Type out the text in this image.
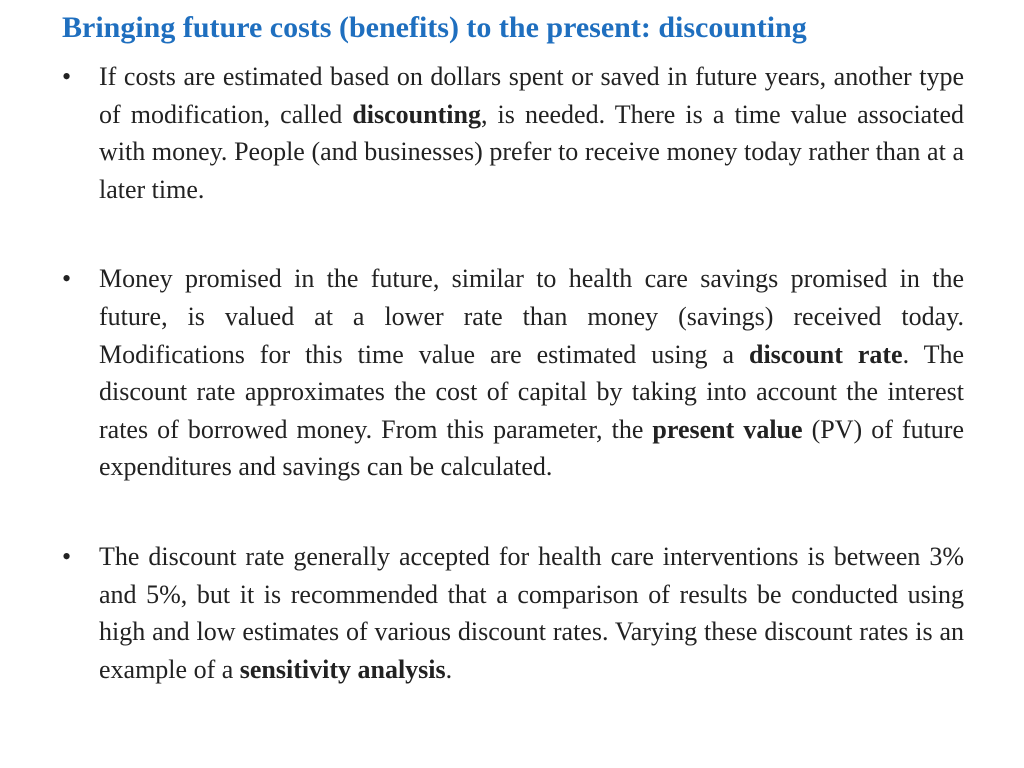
Bringing future costs (benefits) to the present: discounting
• If costs are estimated based on dollars spent or saved in future years, another type of modification, called discounting, is needed. There is a time value associated with money. People (and businesses) prefer to receive money today rather than at a later time.
• Money promised in the future, similar to health care savings promised in the future, is valued at a lower rate than money (savings) received today. Modifications for this time value are estimated using a discount rate. The discount rate approximates the cost of capital by taking into account the interest rates of borrowed money. From this parameter, the present value (PV) of future expenditures and savings can be calculated.
• The discount rate generally accepted for health care interventions is between 3% and 5%, but it is recommended that a comparison of results be conducted using high and low estimates of various discount rates. Varying these discount rates is an example of a sensitivity analysis.
